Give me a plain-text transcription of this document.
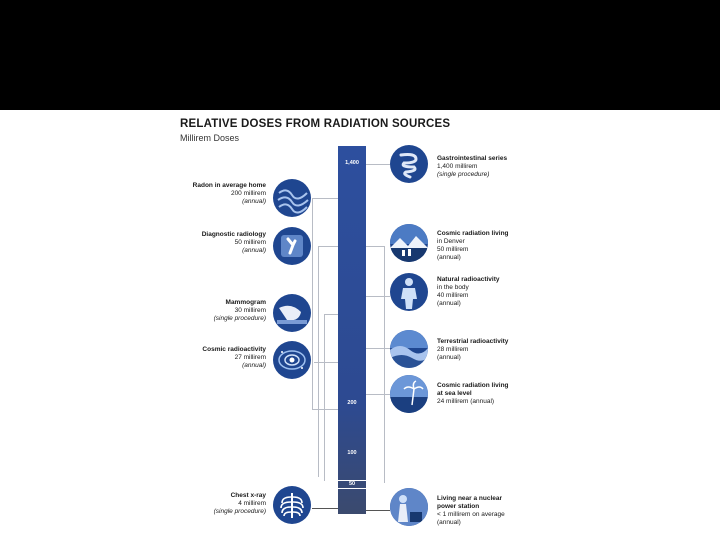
RELATIVE DOSES FROM RADIATION SOURCES
Millirem Doses
1,400
200
100
50
Radon in average home
200 millirem
(annual)
Diagnostic radiology
50 millirem
(annual)
Mammogram
30 millirem
(single procedure)
Cosmic radioactivity
27 millirem
(annual)
Chest x-ray
4 millirem
(single procedure)
Gastrointestinal series
1,400 millirem
(single procedure)
Cosmic radiation living
in Denver
50 millirem
(annual)
Natural radioactivity
in the body
40 millirem
(annual)
Terrestrial radioactivity
28 millirem
(annual)
Cosmic radiation living
at sea level
24 millirem (annual)
Living near a nuclear
power station
< 1 millirem on average
(annual)
